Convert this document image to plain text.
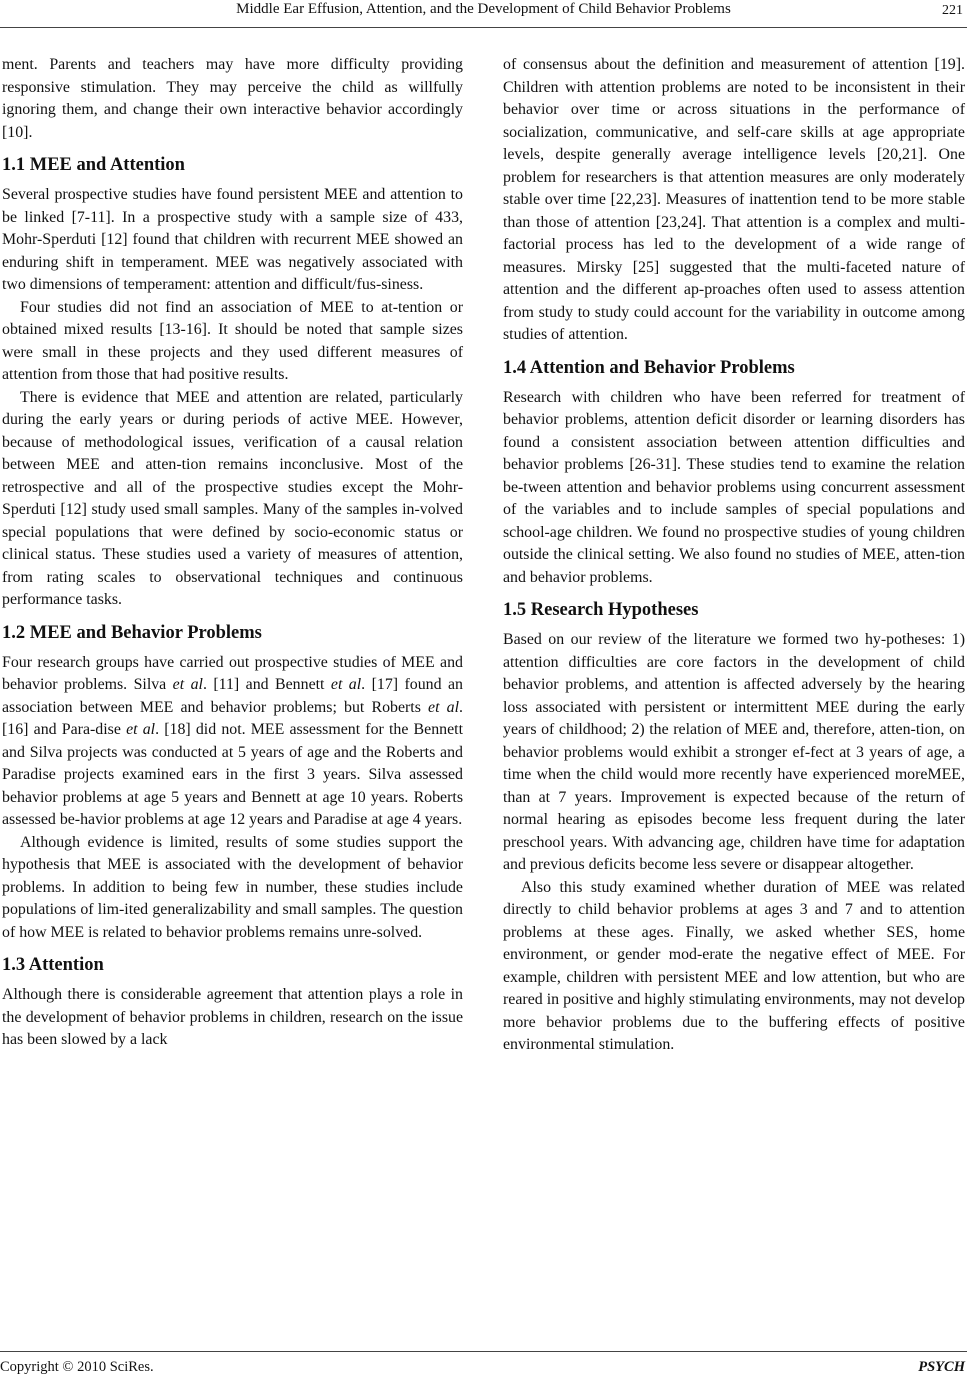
Middle Ear Effusion, Attention, and the Development of Child Behavior Problems	221

ment. Parents and teachers may have more difficulty providing responsive stimulation. They may perceive the child as willfully ignoring them, and change their own interactive behavior accordingly [10].

1.1 MEE and Attention

Several prospective studies have found persistent MEE and attention to be linked [7-11]. In a prospective study with a sample size of 433, Mohr-Sperduti [12] found that children with recurrent MEE showed an enduring shift in temperament. MEE was negatively associated with two dimensions of temperament: attention and difficult/fus-siness.

Four studies did not find an association of MEE to at-tention or obtained mixed results [13-16]. It should be noted that sample sizes were small in these projects and they used different measures of attention from those that had positive results.

There is evidence that MEE and attention are related, particularly during the early years or during periods of active MEE. However, because of methodological issues, verification of a causal relation between MEE and atten-tion remains inconclusive. Most of the retrospective and all of the prospective studies except the Mohr-Sperduti [12] study used small samples. Many of the samples in-volved special populations that were defined by socio-economic status or clinical status. These studies used a variety of measures of attention, from rating scales to observational techniques and continuous performance tasks.

1.2 MEE and Behavior Problems

Four research groups have carried out prospective studies of MEE and behavior problems. Silva et al. [11] and Bennett et al. [17] found an association between MEE and behavior problems; but Roberts et al. [16] and Para-dise et al. [18] did not. MEE assessment for the Bennett and Silva projects was conducted at 5 years of age and the Roberts and Paradise projects examined ears in the first 3 years. Silva assessed behavior problems at age 5 years and Bennett at age 10 years. Roberts assessed be-havior problems at age 12 years and Paradise at age 4 years.

Although evidence is limited, results of some studies support the hypothesis that MEE is associated with the development of behavior problems. In addition to being few in number, these studies include populations of lim-ited generalizability and small samples. The question of how MEE is related to behavior problems remains unre-solved.

1.3 Attention

Although there is considerable agreement that attention plays a role in the development of behavior problems in children, research on the issue has been slowed by a lack

of consensus about the definition and measurement of attention [19]. Children with attention problems are noted to be inconsistent in their behavior over time or across situations in the performance of socialization, communicative, and self-care skills at age appropriate levels, despite generally average intelligence levels [20,21]. One problem for researchers is that attention measures are only moderately stable over time [22,23]. Measures of inattention tend to be more stable than those of attention [23,24]. That attention is a complex and multi-factorial process has led to the development of a wide range of measures. Mirsky [25] suggested that the multi-faceted nature of attention and the different ap-proaches often used to assess attention from study to study could account for the variability in outcome among studies of attention.

1.4 Attention and Behavior Problems

Research with children who have been referred for treatment of behavior problems, attention deficit disorder or learning disorders has found a consistent association between attention difficulties and behavior problems [26-31]. These studies tend to examine the relation be-tween attention and behavior problems using concurrent assessment of the variables and to include samples of special populations and school-age children. We found no prospective studies of young children outside the clinical setting. We also found no studies of MEE, atten-tion and behavior problems.

1.5 Research Hypotheses

Based on our review of the literature we formed two hy-potheses: 1) attention difficulties are core factors in the development of child behavior problems, and attention is affected adversely by the hearing loss associated with persistent or intermittent MEE during the early years of childhood; 2) the relation of MEE and, therefore, atten-tion, on behavior problems would exhibit a stronger ef-fect at 3 years of age, a time when the child would more recently have experienced moreMEE, than at 7 years. Improvement is expected because of the return of normal hearing as episodes become less frequent during the later preschool years. With advancing age, children have time for adaptation and previous deficits become less severe or disappear altogether.

Also this study examined whether duration of MEE was related directly to child behavior problems at ages 3 and 7 and to attention problems at these ages. Finally, we asked whether SES, home environment, or gender mod-erate the negative effect of MEE. For example, children with persistent MEE and low attention, but who are reared in positive and highly stimulating environments, may not develop more behavior problems due to the buffering effects of positive environmental stimulation.

Copyright © 2010 SciRes.	PSYCH
